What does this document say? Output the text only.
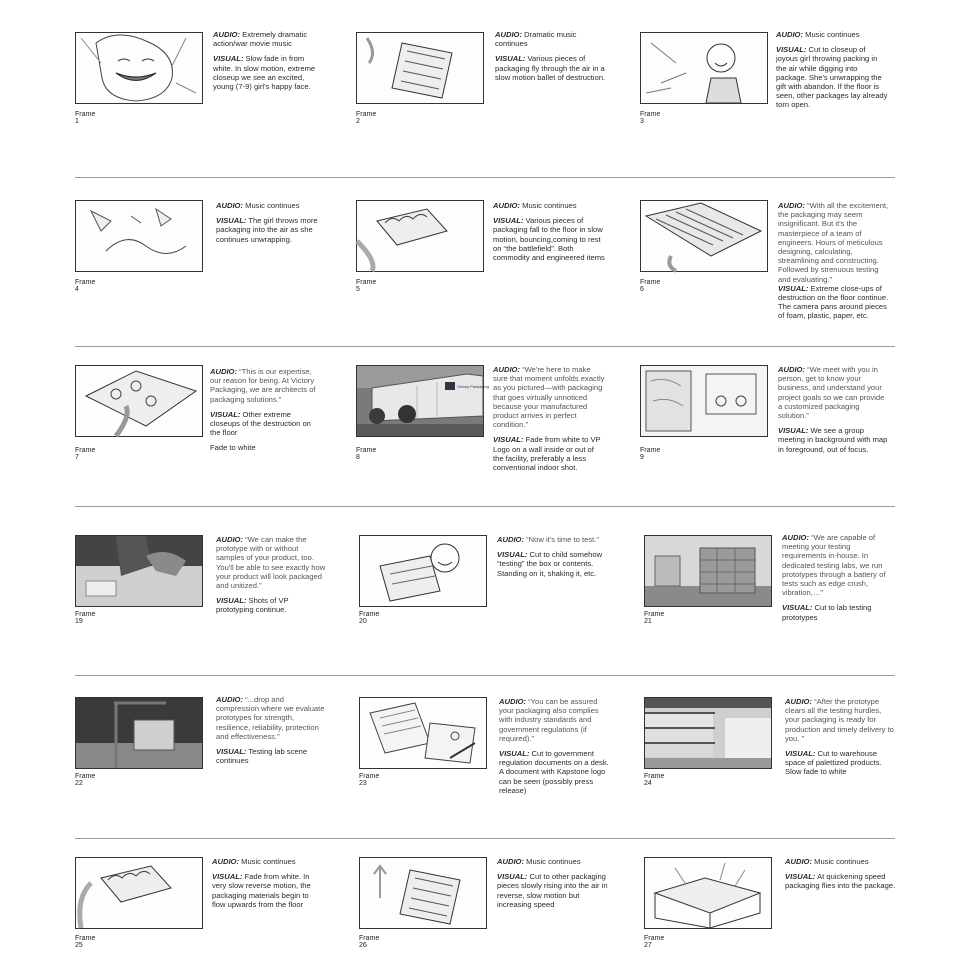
Frame 1

AUDIO: Extremely dramatic action/war movie music

VISUAL: Slow fade in from white. In slow motion, extreme closeup we see an excited, young (7-9) girl's happy face.

Frame 2

AUDIO: Dramatic music continues

VISUAL: Various pieces of packaging fly through the air in a slow motion ballet of destruction.

Frame 3

AUDIO: Music continues

VISUAL: Cut to closeup of joyous girl throwing packing in the air while digging into package. She's unwrapping the gift with abandon. If the floor is seen, other packages lay already torn open.

Frame 4

AUDIO: Music continues

VISUAL: The girl throws more packaging into the air as she continues unwrapping.

Frame 5

AUDIO: Music continues

VISUAL: Various pieces of packaging fall to the floor in slow motion, bouncing,coming to rest on “the battlefield”. Both commodity and engineered items

Frame 6

AUDIO: “With all the excitement, the packaging may seem insignificant. But it's the masterpiece of a team of engineers. Hours of meticulous designing, calculating, streamlining and constructing. Followed by strenuous testing and evaluating.”

VISUAL: Extreme close-ups of destruction on the floor continue. The camera pans around pieces of foam, plastic, paper, etc.

Frame 7

AUDIO: “This is our expertise, our reason for being. At Victory Packaging, we are architects of packaging solutions.”

VISUAL: Other extreme closeups of the destruction on the floor

Fade to white

Victory Packaging
Frame 8

AUDIO: “We're here to make sure that moment unfolds exactly as you pictured—with packaging that goes virtually unnoticed because your manufactured product arrives in perfect condition.”

VISUAL: Fade from white to VP Logo on a wall inside or out of the facility, preferably a less conventional indoor shot.

Frame 9

AUDIO: “We meet with you in person, get to know your business, and understand your project goals so we can provide a customized packaging solution.”

VISUAL: We see a group meeting in background with map in foreground, out of focus.

Frame 19

AUDIO: “We can make the prototype with or without samples of your product, too. You'll be able to see exactly how your product will look packaged and unitized.”

VISUAL: Shots of VP prototyping continue.

Frame 20

AUDIO: “Now it's time to test.”

VISUAL: Cut to child somehow “testing” the box or contents. Standing on it, shaking it, etc.

Frame 21

AUDIO: “We are capable of meeting your testing requirements in-house. In dedicated testing labs, we run prototypes through a battery of tests such as edge crush, vibration,…”

VISUAL: Cut to lab testing prototypes

Frame 22

AUDIO: “...drop and compression where we evaluate prototypes for strength, resilience, reliability, protection and effectiveness.”

VISUAL: Testing lab scene continues

Frame 23

AUDIO: “You can be assured your packaging also complies with industry standards and government regulations (if required).”

VISUAL: Cut to government regulation documents on a desk. A document with Kapstone logo can be seen (possibly press release)

Frame 24

AUDIO: “After the prototype clears all the testing hurdles, your packaging is ready for production and timely delivery to you. ”

VISUAL: Cut to warehouse space of palettized products. Slow fade to white

Frame 25

AUDIO: Music continues

VISUAL: Fade from white. In very slow reverse motion, the packaging materials begin to flow upwards from the floor

Frame 26

AUDIO: Music continues

VISUAL: Cut to other packaging pieces slowly rising into the air in reverse, slow motion but increasing speed

Frame 27

AUDIO: Music continues

VISUAL: At quickening speed packaging flies into the package.
